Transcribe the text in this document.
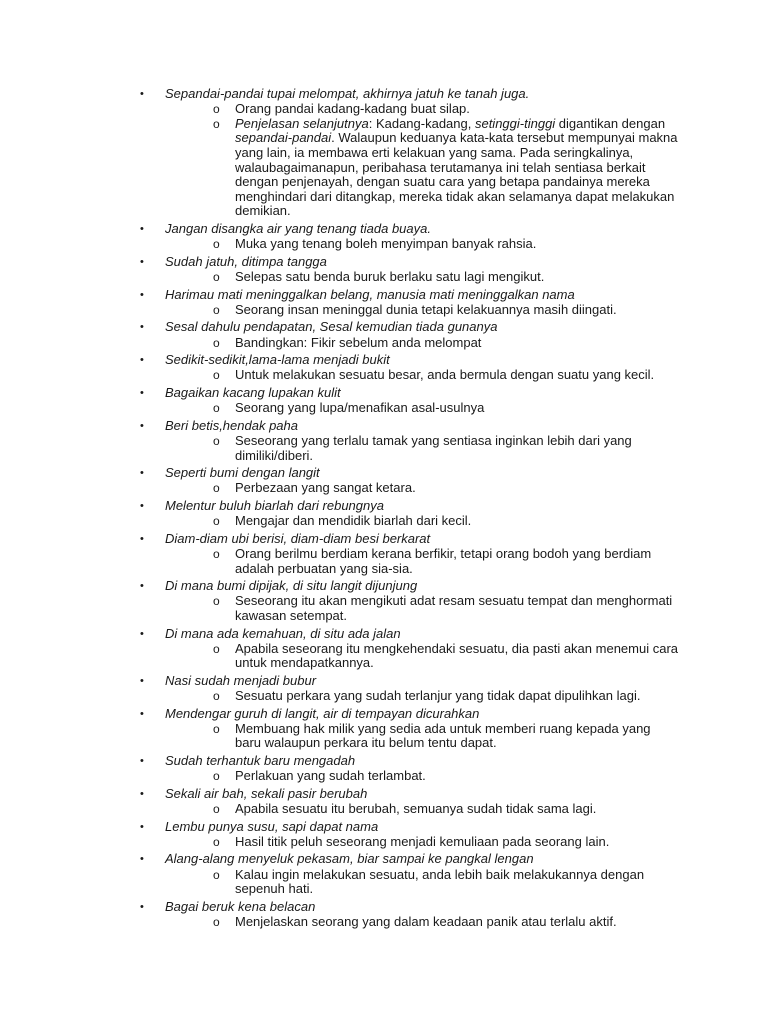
•	Sepandai-pandai tupai melompat, akhirnya jatuh ke tanah juga.
o Orang pandai kadang-kadang buat silap.
o Penjelasan selanjutnya: Kadang-kadang, setinggi-tinggi digantikan dengan sepandai-pandai. Walaupun keduanya kata-kata tersebut mempunyai makna yang lain, ia membawa erti kelakuan yang sama. Pada seringkalinya, walaubagaimanapun, peribahasa terutamanya ini telah sentiasa berkait dengan penjenayah, dengan suatu cara yang betapa pandainya mereka menghindari dari ditangkap, mereka tidak akan selamanya dapat melakukan demikian.
•	Jangan disangka air yang tenang tiada buaya.
o Muka yang tenang boleh menyimpan banyak rahsia.
•	Sudah jatuh, ditimpa tangga
o Selepas satu benda buruk berlaku satu lagi mengikut.
•	Harimau mati meninggalkan belang, manusia mati meninggalkan nama
o Seorang insan meninggal dunia tetapi kelakuannya masih diingati.
•	Sesal dahulu pendapatan, Sesal kemudian tiada gunanya
o Bandingkan: Fikir sebelum anda melompat
•	Sedikit-sedikit,lama-lama menjadi bukit
o Untuk melakukan sesuatu besar, anda bermula dengan suatu yang kecil.
•	Bagaikan kacang lupakan kulit
o Seorang yang lupa/menafikan asal-usulnya
•	Beri betis,hendak paha
o Seseorang yang terlalu tamak yang sentiasa inginkan lebih dari yang dimiliki/diberi.
•	Seperti bumi dengan langit
o Perbezaan yang sangat ketara.
•	Melentur buluh biarlah dari rebungnya
o Mengajar dan mendidik biarlah dari kecil.
•	Diam-diam ubi berisi, diam-diam besi berkarat
o Orang berilmu berdiam kerana berfikir, tetapi orang bodoh yang berdiam adalah perbuatan yang sia-sia.
•	Di mana bumi dipijak, di situ langit dijunjung
o Seseorang itu akan mengikuti adat resam sesuatu tempat dan menghormati kawasan setempat.
•	Di mana ada kemahuan, di situ ada jalan
o Apabila seseorang itu mengkehendaki sesuatu, dia pasti akan menemui cara untuk mendapatkannya.
•	Nasi sudah menjadi bubur
o Sesuatu perkara yang sudah terlanjur yang tidak dapat dipulihkan lagi.
•	Mendengar guruh di langit, air di tempayan dicurahkan
o Membuang hak milik yang sedia ada untuk memberi ruang kepada yang baru walaupun perkara itu belum tentu dapat.
•	Sudah terhantuk baru mengadah
o Perlakuan yang sudah terlambat.
•	Sekali air bah, sekali pasir berubah
o Apabila sesuatu itu berubah, semuanya sudah tidak sama lagi.
•	Lembu punya susu, sapi dapat nama
o Hasil titik peluh seseorang menjadi kemuliaan pada seorang lain.
•	Alang-alang menyeluk pekasam, biar sampai ke pangkal lengan
o Kalau ingin melakukan sesuatu, anda lebih baik melakukannya dengan sepenuh hati.
•	Bagai beruk kena belacan
o Menjelaskan seorang yang dalam keadaan panik atau terlalu aktif.
